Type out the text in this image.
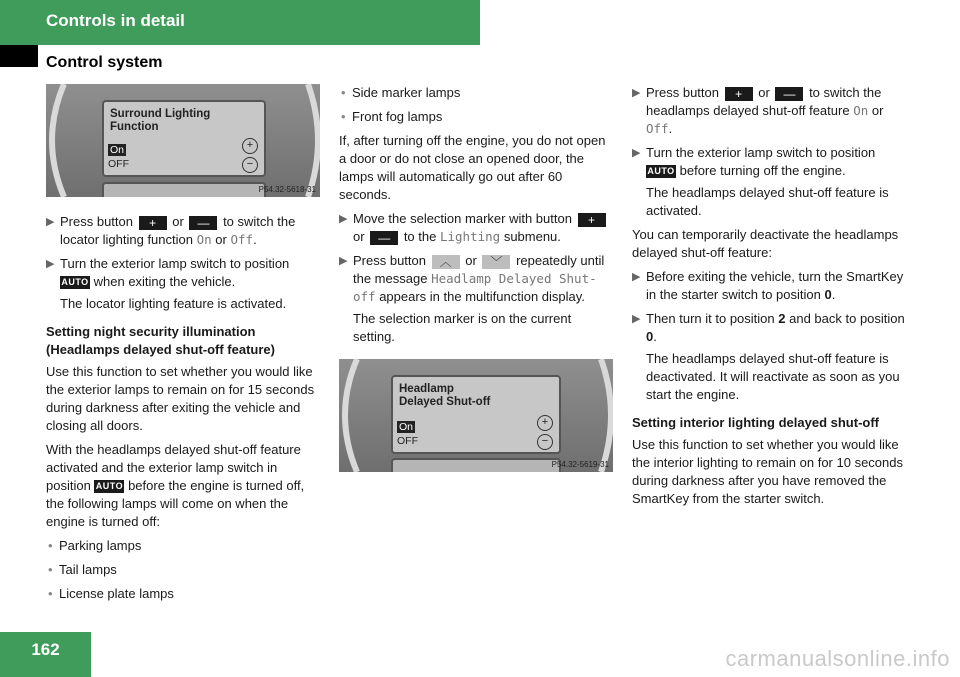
Controls in detail
Control system
Surround Lighting
Function
On
OFF
+
−
P54.32-5618-31
▶ Press button + or — to switch the locator lighting function On or Off.
▶ Turn the exterior lamp switch to position AUTO when exiting the vehicle.
The locator lighting feature is activated.
Setting night security illumination (Headlamps delayed shut-off feature)

Use this function to set whether you would like the exterior lamps to remain on for 15 seconds during darkness after exiting the vehicle and closing all doors.

With the headlamps delayed shut-off feature activated and the exterior lamp switch in position AUTO before the engine is turned off, the following lamps will come on when the engine is turned off:

• Parking lamps
• Tail lamps
• License plate lamps
• Side marker lamps
• Front fog lamps

If, after turning off the engine, you do not open a door or do not close an opened door, the lamps will automatically go out after 60 seconds.

▶ Move the selection marker with button + or — to the Lighting submenu.
▶ Press button ︿ or ﹀ repeatedly until the message Headlamp Delayed Shut-off appears in the multifunction display.
The selection marker is on the current setting.
Headlamp
Delayed Shut-off
On
OFF
+
−
P54.32-5619-31
▶ Press button + or — to switch the headlamps delayed shut-off feature On or Off.
▶ Turn the exterior lamp switch to position AUTO before turning off the engine.
The headlamps delayed shut-off feature is activated.

You can temporarily deactivate the headlamps delayed shut-off feature:

▶ Before exiting the vehicle, turn the SmartKey in the starter switch to position 0.
▶ Then turn it to position 2 and back to position 0.
The headlamps delayed shut-off feature is deactivated. It will reactivate as soon as you start the engine.
Setting interior lighting delayed shut-off

Use this function to set whether you would like the interior lighting to remain on for 10 seconds during darkness after you have removed the SmartKey from the starter switch.

162	carmanualsonline.info
